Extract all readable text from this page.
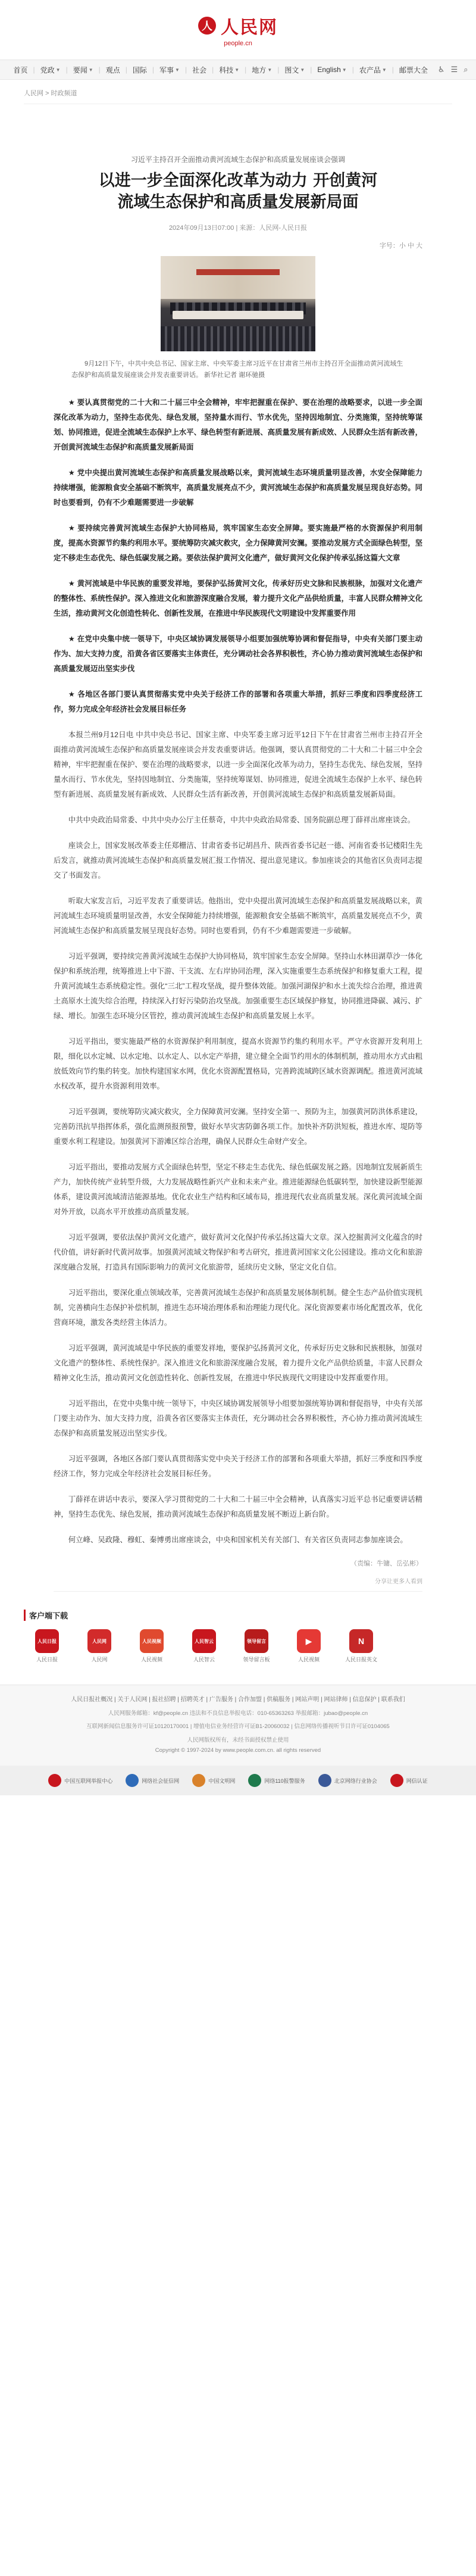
人 人民网
people.cn
首页 | 党政 ▼ | 要闻 ▼ | 观点 | 国际 | 军事 ▼ | 社会 | 科技 ▼ | 地方 ▼ | 图文 ▼ | English ▼ | 农产品 ▼ | 邮票大全 ♿ ☰ ⌕
人民网 > 时政频道
习近平主持召开全面推动黄河流域生态保护和高质量发展座谈会强调
以进一步全面深化改革为动力 开创黄河
流域生态保护和高质量发展新局面
2024年09月13日07:00 | 来源：人民网-人民日报
字号：小 中 大
9月12日下午，中共中央总书记、国家主席、中央军委主席习近平在甘肃省兰州市主持召开全面推动黄河流域生态保护和高质量发展座谈会并发表重要讲话。 新华社记者 谢环驰摄

★ 要认真贯彻党的二十大和二十届三中全会精神，牢牢把握重在保护、要在治理的战略要求，以进一步全面深化改革为动力，坚持生态优先、绿色发展，坚持量水而行、节水优先，坚持因地制宜、分类施策，坚持统筹谋划、协同推进，促进全流域生态保护上水平、绿色转型有新进展、高质量发展有新成效、人民群众生活有新改善，开创黄河流域生态保护和高质量发展新局面

★ 党中央提出黄河流域生态保护和高质量发展战略以来，黄河流域生态环境质量明显改善，水安全保障能力持续增强，能源粮食安全基础不断筑牢，高质量发展亮点不少，黄河流域生态保护和高质量发展呈现良好态势。同时也要看到，仍有不少难题需要进一步破解

★ 要持续完善黄河流域生态保护大协同格局，筑牢国家生态安全屏障。要实施最严格的水资源保护利用制度，提高水资源节约集约利用水平。要统筹防灾减灾救灾，全力保障黄河安澜。要推动发展方式全面绿色转型，坚定不移走生态优先、绿色低碳发展之路。要依法保护黄河文化遗产，做好黄河文化保护传承弘扬这篇大文章

★ 黄河流域是中华民族的重要发祥地，要保护弘扬黄河文化，传承好历史文脉和民族根脉，加强对文化遗产的整体性、系统性保护。深入推进文化和旅游深度融合发展，着力提升文化产品供给质量，丰富人民群众精神文化生活，推动黄河文化创造性转化、创新性发展，在推进中华民族现代文明建设中发挥重要作用

★ 在党中央集中统一领导下，中央区域协调发展领导小组要加强统筹协调和督促指导，中央有关部门要主动作为、加大支持力度，沿黄各省区要落实主体责任，充分调动社会各界积极性，齐心协力推动黄河流域生态保护和高质量发展迈出坚实步伐

★ 各地区各部门要认真贯彻落实党中央关于经济工作的部署和各项重大举措，抓好三季度和四季度经济工作，努力完成全年经济社会发展目标任务

本报兰州9月12日电 中共中央总书记、国家主席、中央军委主席习近平12日下午在甘肃省兰州市主持召开全面推动黄河流域生态保护和高质量发展座谈会并发表重要讲话。他强调，要认真贯彻党的二十大和二十届三中全会精神，牢牢把握重在保护、要在治理的战略要求，以进一步全面深化改革为动力，坚持生态优先、绿色发展，坚持量水而行、节水优先，坚持因地制宜、分类施策，坚持统筹谋划、协同推进，促进全流域生态保护上水平、绿色转型有新进展、高质量发展有新成效、人民群众生活有新改善，开创黄河流域生态保护和高质量发展新局面。

中共中央政治局常委、中共中央办公厅主任蔡奇，中共中央政治局常委、国务院副总理丁薛祥出席座谈会。

座谈会上，国家发展改革委主任郑栅洁、甘肃省委书记胡昌升、陕西省委书记赵一德、河南省委书记楼阳生先后发言，就推动黄河流域生态保护和高质量发展汇报工作情况、提出意见建议。参加座谈会的其他省区负责同志提交了书面发言。

听取大家发言后，习近平发表了重要讲话。他指出，党中央提出黄河流域生态保护和高质量发展战略以来，黄河流域生态环境质量明显改善，水安全保障能力持续增强，能源粮食安全基础不断筑牢，高质量发展亮点不少，黄河流域生态保护和高质量发展呈现良好态势。同时也要看到，仍有不少难题需要进一步破解。

习近平强调，要持续完善黄河流域生态保护大协同格局，筑牢国家生态安全屏障。坚持山水林田湖草沙一体化保护和系统治理，统筹推进上中下游、干支流、左右岸协同治理，深入实施重要生态系统保护和修复重大工程，提升黄河流域生态系统稳定性。强化“三北”工程攻坚战，提升整体效能。加强河湖保护和水土流失综合治理，推进黄土高原水土流失综合治理，持续深入打好污染防治攻坚战。加强重要生态区域保护修复，协同推进降碳、减污、扩绿、增长。加强生态环境分区管控，推动黄河流域生态保护和高质量发展上水平。

习近平指出，要实施最严格的水资源保护利用制度，提高水资源节约集约利用水平。严守水资源开发利用上限，细化以水定城、以水定地、以水定人、以水定产举措，建立健全全面节约用水的体制机制，推动用水方式由粗放低效向节约集约转变。加快构建国家水网，优化水资源配置格局，完善跨流域跨区域水资源调配。推进黄河流域水权改革，提升水资源利用效率。

习近平强调，要统筹防灾减灾救灾，全力保障黄河安澜。坚持安全第一、预防为主，加强黄河防洪体系建设，完善防汛抗旱指挥体系，强化监测预报预警，做好水旱灾害防御各项工作。加快补齐防洪短板，推进水库、堤防等重要水利工程建设。加强黄河下游滩区综合治理，确保人民群众生命财产安全。

习近平指出，要推动发展方式全面绿色转型，坚定不移走生态优先、绿色低碳发展之路。因地制宜发展新质生产力，加快传统产业转型升级，大力发展战略性新兴产业和未来产业。推进能源绿色低碳转型，加快建设新型能源体系，建设黄河流域清洁能源基地。优化农业生产结构和区域布局，推进现代农业高质量发展。深化黄河流域全面对外开放，以高水平开放推动高质量发展。

习近平强调，要依法保护黄河文化遗产，做好黄河文化保护传承弘扬这篇大文章。深入挖掘黄河文化蕴含的时代价值，讲好新时代黄河故事。加强黄河流域文物保护和考古研究，推进黄河国家文化公园建设。推动文化和旅游深度融合发展，打造具有国际影响力的黄河文化旅游带，延续历史文脉，坚定文化自信。

习近平指出，要深化重点领域改革，完善黄河流域生态保护和高质量发展体制机制。健全生态产品价值实现机制，完善横向生态保护补偿机制，推进生态环境治理体系和治理能力现代化。深化资源要素市场化配置改革，优化营商环境，激发各类经营主体活力。

习近平强调，黄河流域是中华民族的重要发祥地，要保护弘扬黄河文化，传承好历史文脉和民族根脉，加强对文化遗产的整体性、系统性保护。深入推进文化和旅游深度融合发展，着力提升文化产品供给质量，丰富人民群众精神文化生活，推动黄河文化创造性转化、创新性发展，在推进中华民族现代文明建设中发挥重要作用。

习近平指出，在党中央集中统一领导下，中央区域协调发展领导小组要加强统筹协调和督促指导，中央有关部门要主动作为、加大支持力度，沿黄各省区要落实主体责任，充分调动社会各界积极性，齐心协力推动黄河流域生态保护和高质量发展迈出坚实步伐。

习近平强调，各地区各部门要认真贯彻落实党中央关于经济工作的部署和各项重大举措，抓好三季度和四季度经济工作，努力完成全年经济社会发展目标任务。

丁薛祥在讲话中表示，要深入学习贯彻党的二十大和二十届三中全会精神，认真落实习近平总书记重要讲话精神，坚持生态优先、绿色发展，推动黄河流域生态保护和高质量发展不断迈上新台阶。

何立峰、吴政隆、穆虹、秦博勇出席座谈会，中央和国家机关有关部门、有关省区负责同志参加座谈会。

（责编：牛镛、岳弘彬）
分享让更多人看到
客户端下载
人民日报
人民日报
人民网
人民网
人民视频
人民视频
人民智云
人民智云
领导留言
领导留言板
▶
人民视频
N
人民日报英文
人民日报社概况 | 关于人民网 | 报社招聘 | 招聘英才 | 广告服务 | 合作加盟 | 供稿服务 | 网站声明 | 网站律师 | 信息保护 | 联系我们
人民网服务邮箱：kf@people.cn 违法和不良信息举报电话：010-65363263 举报邮箱：jubao@people.cn
互联网新闻信息服务许可证10120170001 | 增值电信业务经营许可证B1-20060032 | 信息网络传播视听节目许可证0104065
人民网版权所有，未经书面授权禁止使用
Copyright © 1997-2024 by www.people.com.cn. all rights reserved
中国互联网举报中心	网络社会征信网	中国文明网	网络110报警服务	北京网络行业协会	网信认证
